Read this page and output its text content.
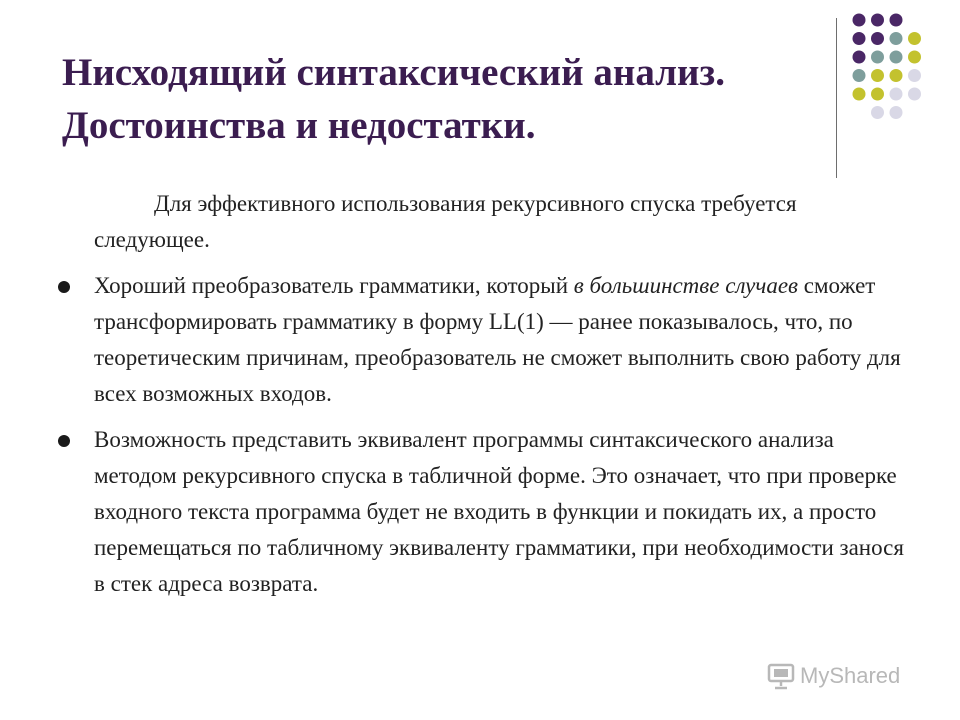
Нисходящий синтаксический анализ.
Достоинства и недостатки.

Для эффективного использования рекурсивного спуска требуется следующее.

Хороший преобразователь грамматики, который в большинстве случаев сможет трансформировать грамматику в форму LL(1) — ранее показывалось, что, по теоретическим причинам, преобразователь не сможет выполнить свою работу для всех возможных входов.
Возможность представить эквивалент программы синтаксического анализа методом рекурсивного спуска в табличной форме. Это означает, что при проверке входного текста программа будет не входить в функции и покидать их, а просто перемещаться по табличному эквиваленту грамматики, при необходимости занося в стек адреса возврата.
MyShared
